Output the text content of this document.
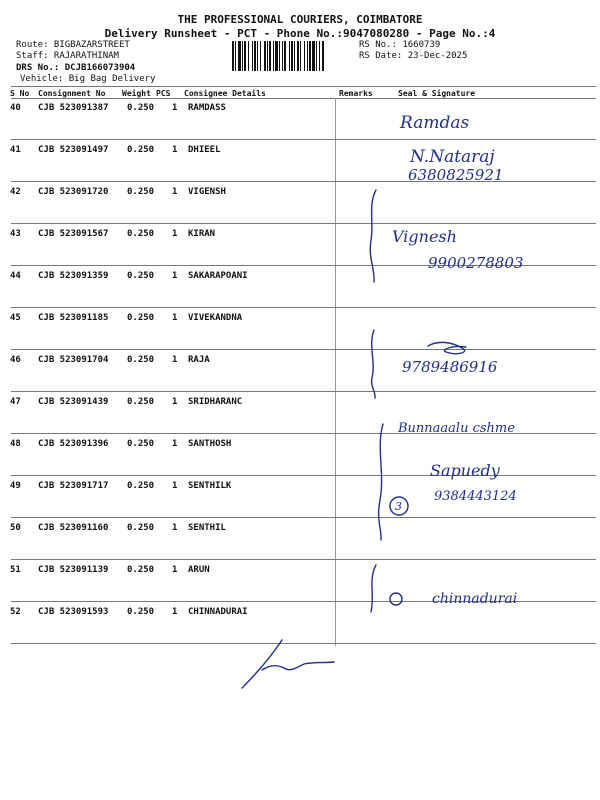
THE PROFESSIONAL COURIERS, COIMBATORE
Delivery Runsheet - PCT - Phone No.:9047080280 - Page No.:4
Route: BIGBAZARSTREET
Staff: RAJARATHINAM
DRS No.: DCJB166073904
Vehicle: Big Bag Delivery
RS No.: 1660739
RS Date: 23-Dec-2025
S No Consignment No Weight PCS Consignee Details	Remarks	Seal & Signature
40 CJB 523091387 0.250 1 RAMDASS
41 CJB 523091497 0.250 1 DHIEEL
42 CJB 523091720 0.250 1 VIGENSH
43 CJB 523091567 0.250 1 KIRAN
44 CJB 523091359 0.250 1 SAKARAPOANI
45 CJB 523091185 0.250 1 VIVEKANDNA
46 CJB 523091704 0.250 1 RAJA
47 CJB 523091439 0.250 1 SRIDHARANC
48 CJB 523091396 0.250 1 SANTHOSH
49 CJB 523091717 0.250 1 SENTHILK
50 CJB 523091160 0.250 1 SENTHIL
51 CJB 523091139 0.250 1 ARUN
52 CJB 523091593 0.250 1 CHINNADURAI
Ramdas
N.Nataraj
6380825921
Vignesh
9900278803
9789486916
Bunnaaalu cshme
Sapuedy
9384443124
3
chinnadurai
